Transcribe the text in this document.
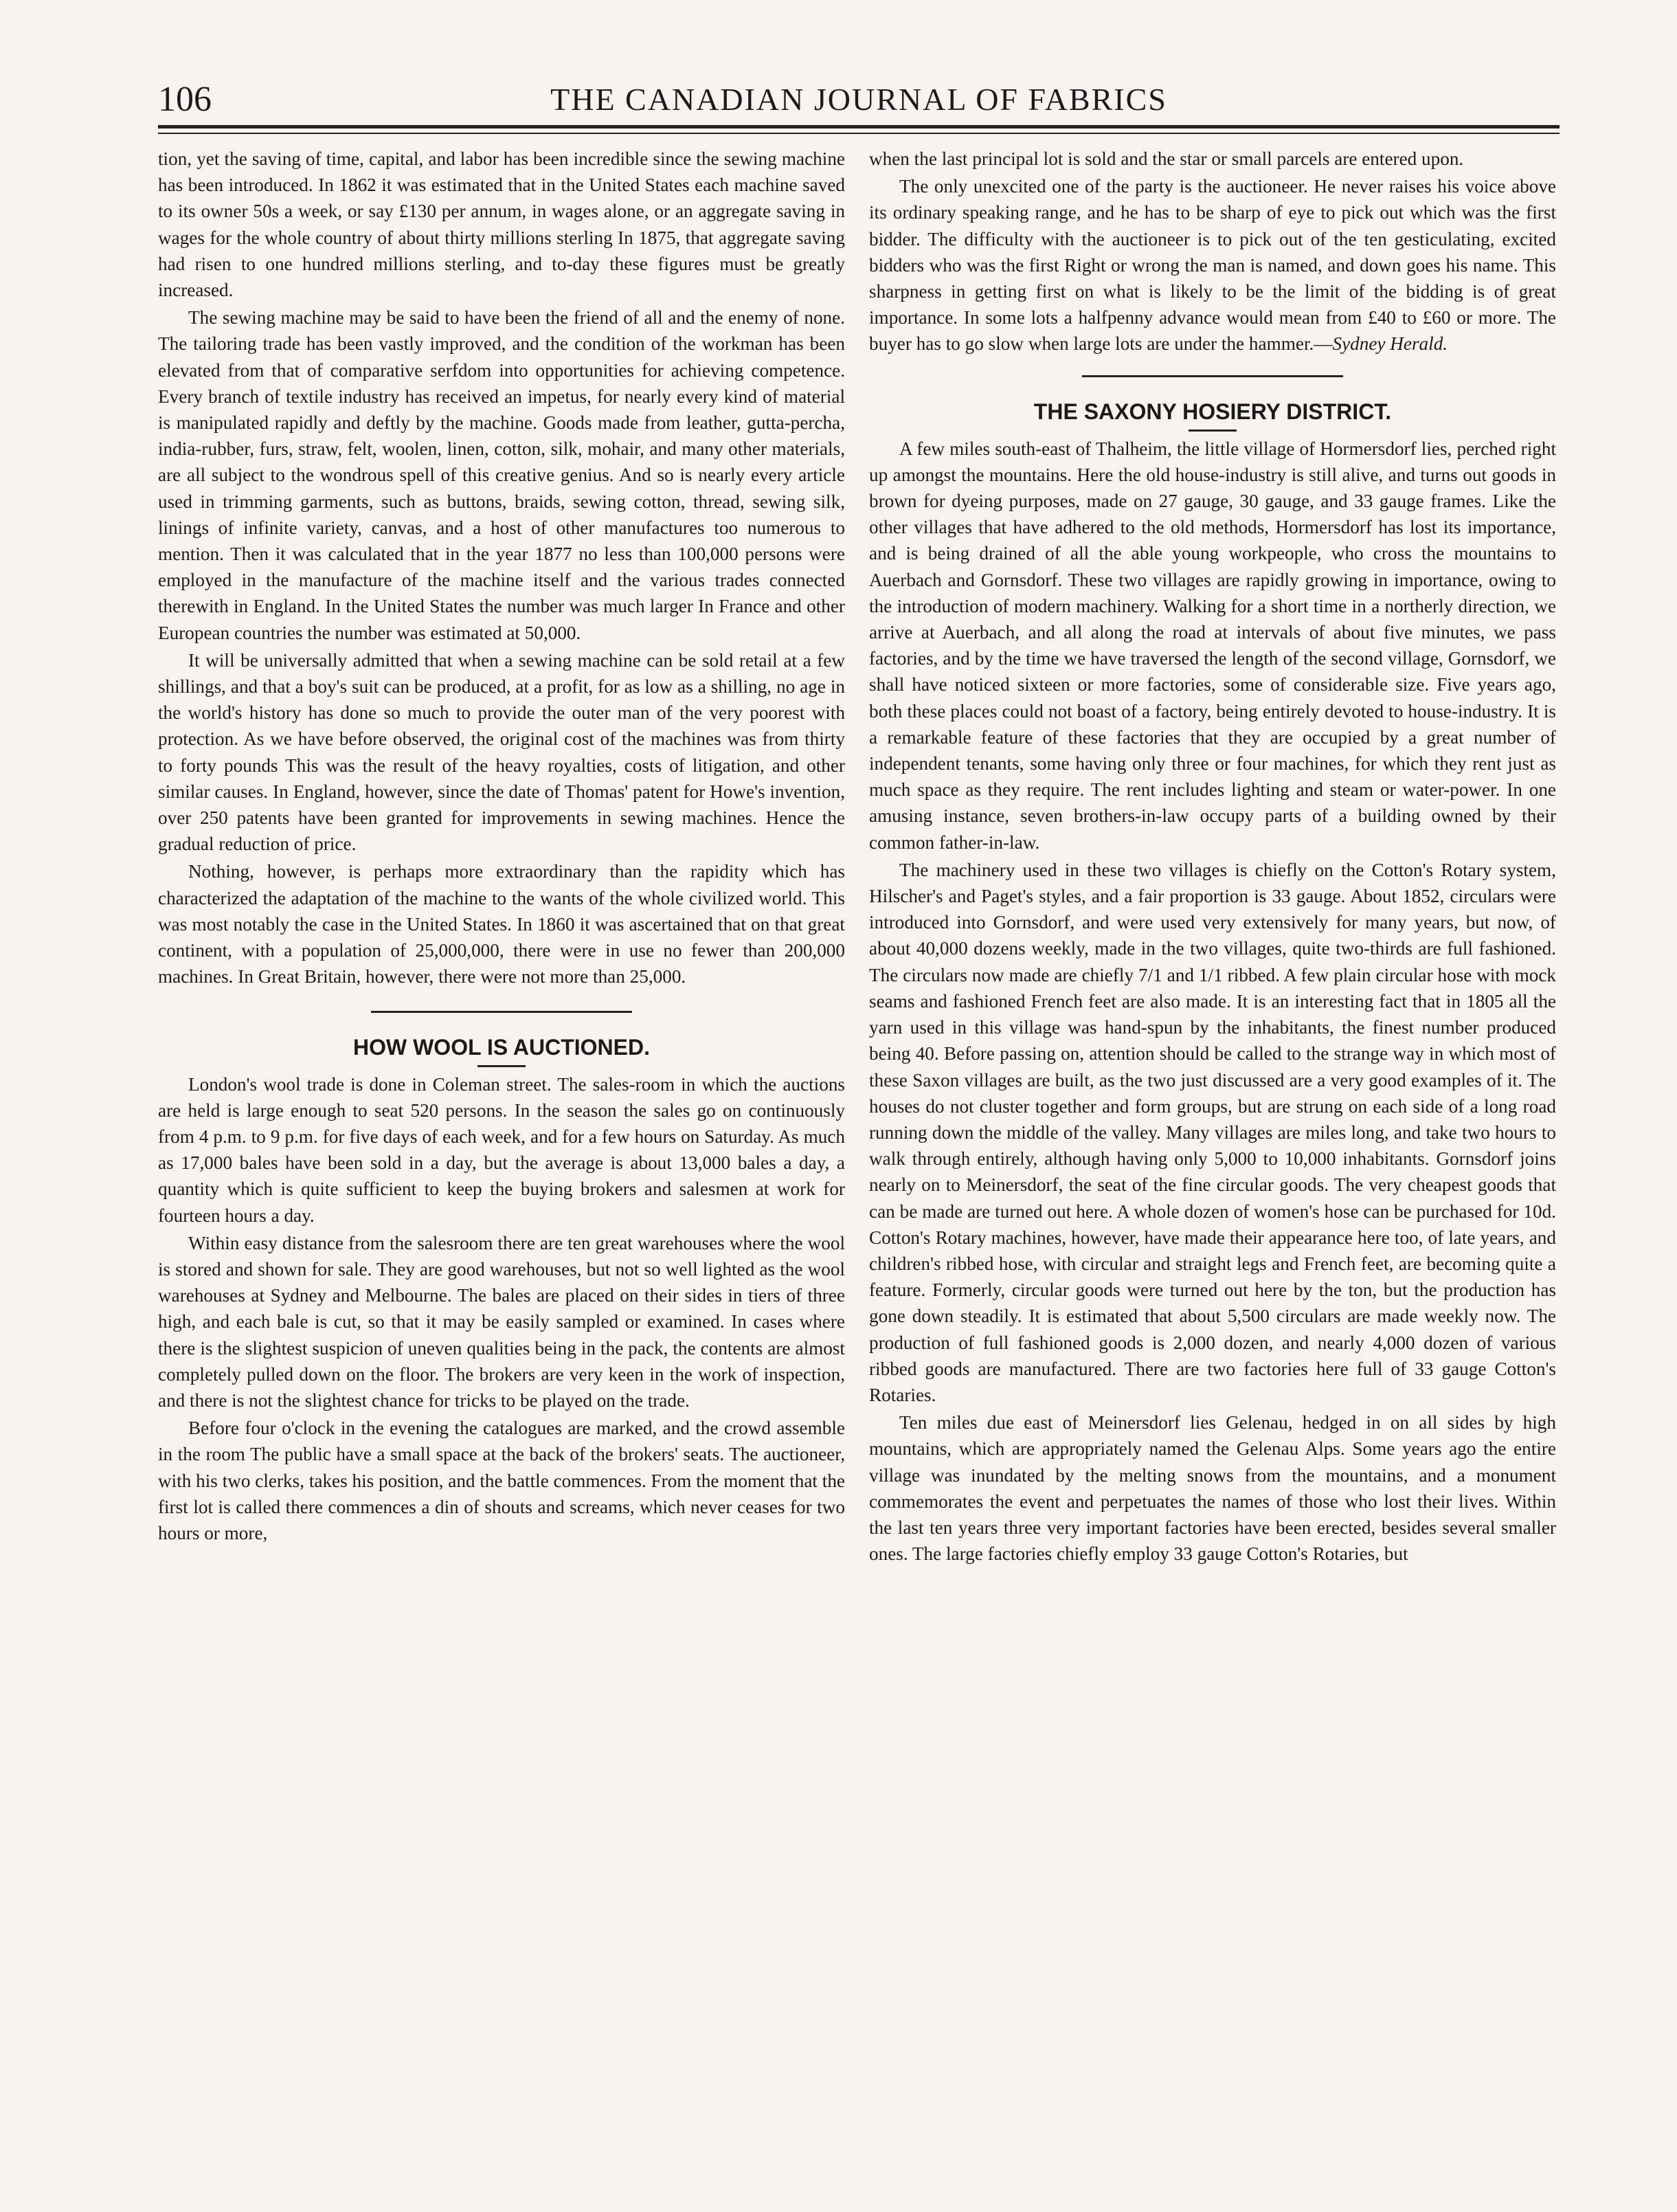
106	THE CANADIAN JOURNAL OF FABRICS

tion, yet the saving of time, capital, and labor has been incredible since the sewing machine has been introduced. In 1862 it was estimated that in the United States each machine saved to its owner 50s a week, or say £130 per annum, in wages alone, or an aggregate saving in wages for the whole country of about thirty millions sterling In 1875, that aggregate saving had risen to one hundred millions sterling, and to-day these figures must be greatly increased.

The sewing machine may be said to have been the friend of all and the enemy of none. The tailoring trade has been vastly improved, and the condition of the workman has been elevated from that of comparative serfdom into opportunities for achieving competence. Every branch of textile industry has received an impetus, for nearly every kind of material is manipulated rapidly and deftly by the machine. Goods made from leather, gutta-percha, india-rubber, furs, straw, felt, woolen, linen, cotton, silk, mohair, and many other materials, are all subject to the wondrous spell of this creative genius. And so is nearly every article used in trimming garments, such as buttons, braids, sewing cotton, thread, sewing silk, linings of infinite variety, canvas, and a host of other manufactures too numerous to mention. Then it was calculated that in the year 1877 no less than 100,000 persons were employed in the manufacture of the machine itself and the various trades connected therewith in England. In the United States the number was much larger In France and other European countries the number was estimated at 50,000.

It will be universally admitted that when a sewing machine can be sold retail at a few shillings, and that a boy's suit can be produced, at a profit, for as low as a shilling, no age in the world's history has done so much to provide the outer man of the very poorest with protection. As we have before observed, the original cost of the machines was from thirty to forty pounds This was the result of the heavy royalties, costs of litigation, and other similar causes. In England, however, since the date of Thomas' patent for Howe's invention, over 250 patents have been granted for improvements in sewing machines. Hence the gradual reduction of price.

Nothing, however, is perhaps more extraordinary than the rapidity which has characterized the adaptation of the machine to the wants of the whole civilized world. This was most notably the case in the United States. In 1860 it was ascertained that on that great continent, with a population of 25,000,000, there were in use no fewer than 200,000 machines. In Great Britain, however, there were not more than 25,000.

HOW WOOL IS AUCTIONED.

London's wool trade is done in Coleman street. The sales-room in which the auctions are held is large enough to seat 520 persons. In the season the sales go on continuously from 4 p.m. to 9 p.m. for five days of each week, and for a few hours on Saturday. As much as 17,000 bales have been sold in a day, but the average is about 13,000 bales a day, a quantity which is quite sufficient to keep the buying brokers and salesmen at work for fourteen hours a day.

Within easy distance from the salesroom there are ten great warehouses where the wool is stored and shown for sale. They are good warehouses, but not so well lighted as the wool warehouses at Sydney and Melbourne. The bales are placed on their sides in tiers of three high, and each bale is cut, so that it may be easily sampled or examined. In cases where there is the slightest suspicion of uneven qualities being in the pack, the contents are almost completely pulled down on the floor. The brokers are very keen in the work of inspection, and there is not the slightest chance for tricks to be played on the trade.

Before four o'clock in the evening the catalogues are marked, and the crowd assemble in the room The public have a small space at the back of the brokers' seats. The auctioneer, with his two clerks, takes his position, and the battle commences. From the moment that the first lot is called there commences a din of shouts and screams, which never ceases for two hours or more,

when the last principal lot is sold and the star or small parcels are entered upon.

The only unexcited one of the party is the auctioneer. He never raises his voice above its ordinary speaking range, and he has to be sharp of eye to pick out which was the first bidder. The difficulty with the auctioneer is to pick out of the ten gesticulating, excited bidders who was the first Right or wrong the man is named, and down goes his name. This sharpness in getting first on what is likely to be the limit of the bidding is of great importance. In some lots a halfpenny advance would mean from £40 to £60 or more. The buyer has to go slow when large lots are under the hammer.—Sydney Herald.

THE SAXONY HOSIERY DISTRICT.

A few miles south-east of Thalheim, the little village of Hormersdorf lies, perched right up amongst the mountains. Here the old house-industry is still alive, and turns out goods in brown for dyeing purposes, made on 27 gauge, 30 gauge, and 33 gauge frames. Like the other villages that have adhered to the old methods, Hormersdorf has lost its importance, and is being drained of all the able young workpeople, who cross the mountains to Auerbach and Gornsdorf. These two villages are rapidly growing in importance, owing to the introduction of modern machinery. Walking for a short time in a northerly direction, we arrive at Auerbach, and all along the road at intervals of about five minutes, we pass factories, and by the time we have traversed the length of the second village, Gornsdorf, we shall have noticed sixteen or more factories, some of considerable size. Five years ago, both these places could not boast of a factory, being entirely devoted to house-industry. It is a remarkable feature of these factories that they are occupied by a great number of independent tenants, some having only three or four machines, for which they rent just as much space as they require. The rent includes lighting and steam or water-power. In one amusing instance, seven brothers-in-law occupy parts of a building owned by their common father-in-law.

The machinery used in these two villages is chiefly on the Cotton's Rotary system, Hilscher's and Paget's styles, and a fair proportion is 33 gauge. About 1852, circulars were introduced into Gornsdorf, and were used very extensively for many years, but now, of about 40,000 dozens weekly, made in the two villages, quite two-thirds are full fashioned. The circulars now made are chiefly 7/1 and 1/1 ribbed. A few plain circular hose with mock seams and fashioned French feet are also made. It is an interesting fact that in 1805 all the yarn used in this village was hand-spun by the inhabitants, the finest number produced being 40. Before passing on, attention should be called to the strange way in which most of these Saxon villages are built, as the two just discussed are a very good examples of it. The houses do not cluster together and form groups, but are strung on each side of a long road running down the middle of the valley. Many villages are miles long, and take two hours to walk through entirely, although having only 5,000 to 10,000 inhabitants. Gornsdorf joins nearly on to Meinersdorf, the seat of the fine circular goods. The very cheapest goods that can be made are turned out here. A whole dozen of women's hose can be purchased for 10d. Cotton's Rotary machines, however, have made their appearance here too, of late years, and children's ribbed hose, with circular and straight legs and French feet, are becoming quite a feature. Formerly, circular goods were turned out here by the ton, but the production has gone down steadily. It is estimated that about 5,500 circulars are made weekly now. The production of full fashioned goods is 2,000 dozen, and nearly 4,000 dozen of various ribbed goods are manufactured. There are two factories here full of 33 gauge Cotton's Rotaries.

Ten miles due east of Meinersdorf lies Gelenau, hedged in on all sides by high mountains, which are appropriately named the Gelenau Alps. Some years ago the entire village was inundated by the melting snows from the mountains, and a monument commemorates the event and perpetuates the names of those who lost their lives. Within the last ten years three very important factories have been erected, besides several smaller ones. The large factories chiefly employ 33 gauge Cotton's Rotaries, but
